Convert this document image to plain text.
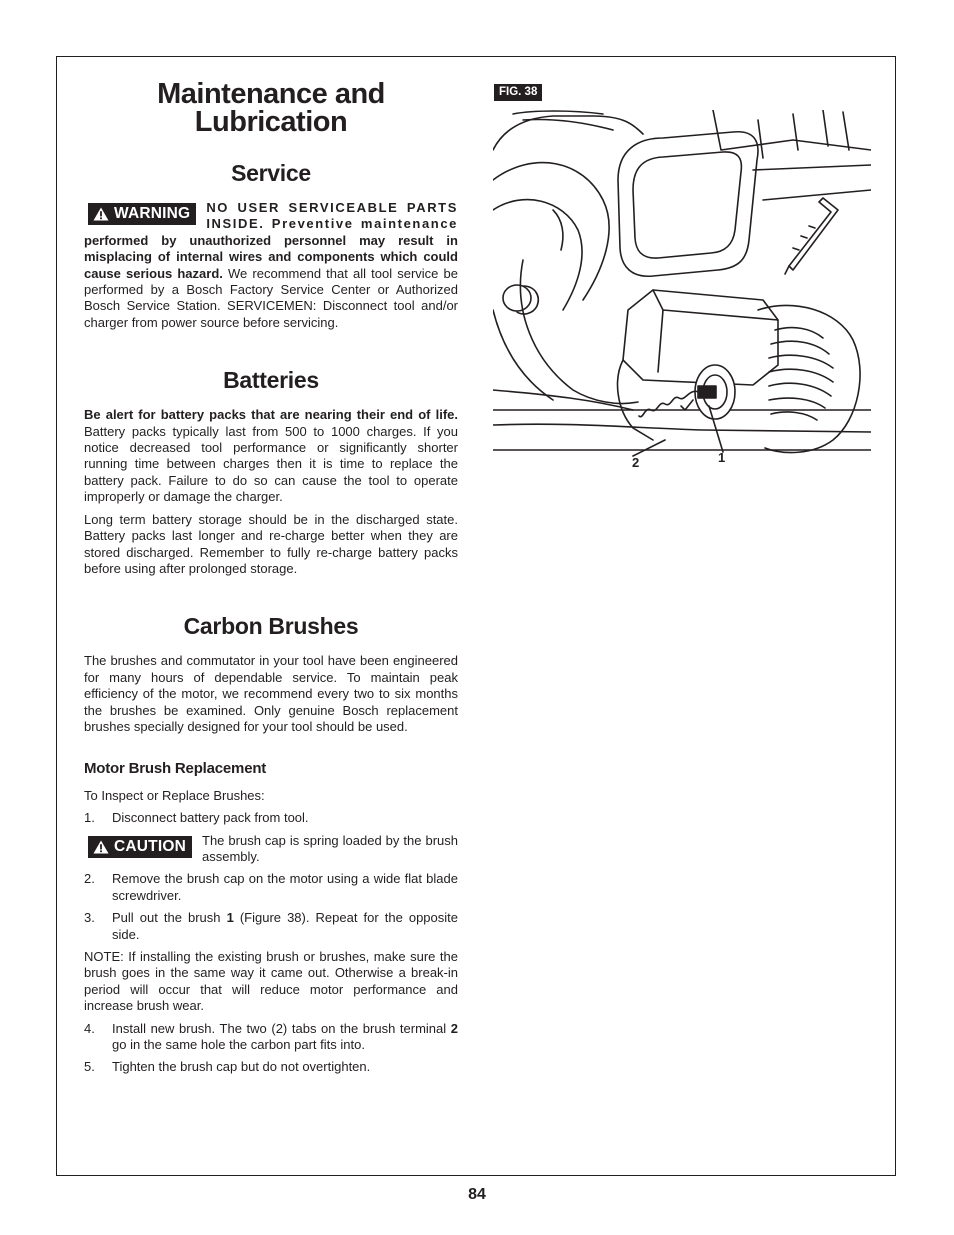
Maintenance and
Lubrication
Service

WARNING NO USER SERVICEABLE PARTS INSIDE. Preventive maintenance performed by unauthorized personnel may result in misplacing of internal wires and components which could cause serious hazard. We recommend that all tool service be performed by a Bosch Factory Service Center or Authorized Bosch Service Station. SERVICEMEN: Disconnect tool and/or charger from power source before servicing.

Batteries

Be alert for battery packs that are nearing their end of life. Battery packs typically last from 500 to 1000 charges. If you notice decreased tool performance or significantly shorter running time between charges then it is time to replace the battery pack. Failure to do so can cause the tool to operate improperly or damage the charger.

Long term battery storage should be in the discharged state. Battery packs last longer and re-charge better when they are stored discharged. Remember to fully re-charge battery packs before using after prolonged storage.

Carbon Brushes

The brushes and commutator in your tool have been engineered for many hours of dependable service. To maintain peak efficiency of the motor, we recommend every two to six months the brushes be examined. Only genuine Bosch replacement brushes specially designed for your tool should be used.

Motor Brush Replacement

To Inspect or Replace Brushes:

1.	Disconnect battery pack from tool.

CAUTION The brush cap is spring loaded by the brush assembly.

2.	Remove the brush cap on the motor using a wide flat blade screwdriver.
3.	Pull out the brush 1 (Figure 38). Repeat for the opposite side.

NOTE: If installing the existing brush or brushes, make sure the brush goes in the same way it came out. Otherwise a break-in period will occur that will reduce motor performance and increase brush wear.

4.	Install new brush. The two (2) tabs on the brush terminal 2 go in the same hole the carbon part fits into.
5.	Tighten the brush cap but do not overtighten.
FIG. 38
2	1
84
